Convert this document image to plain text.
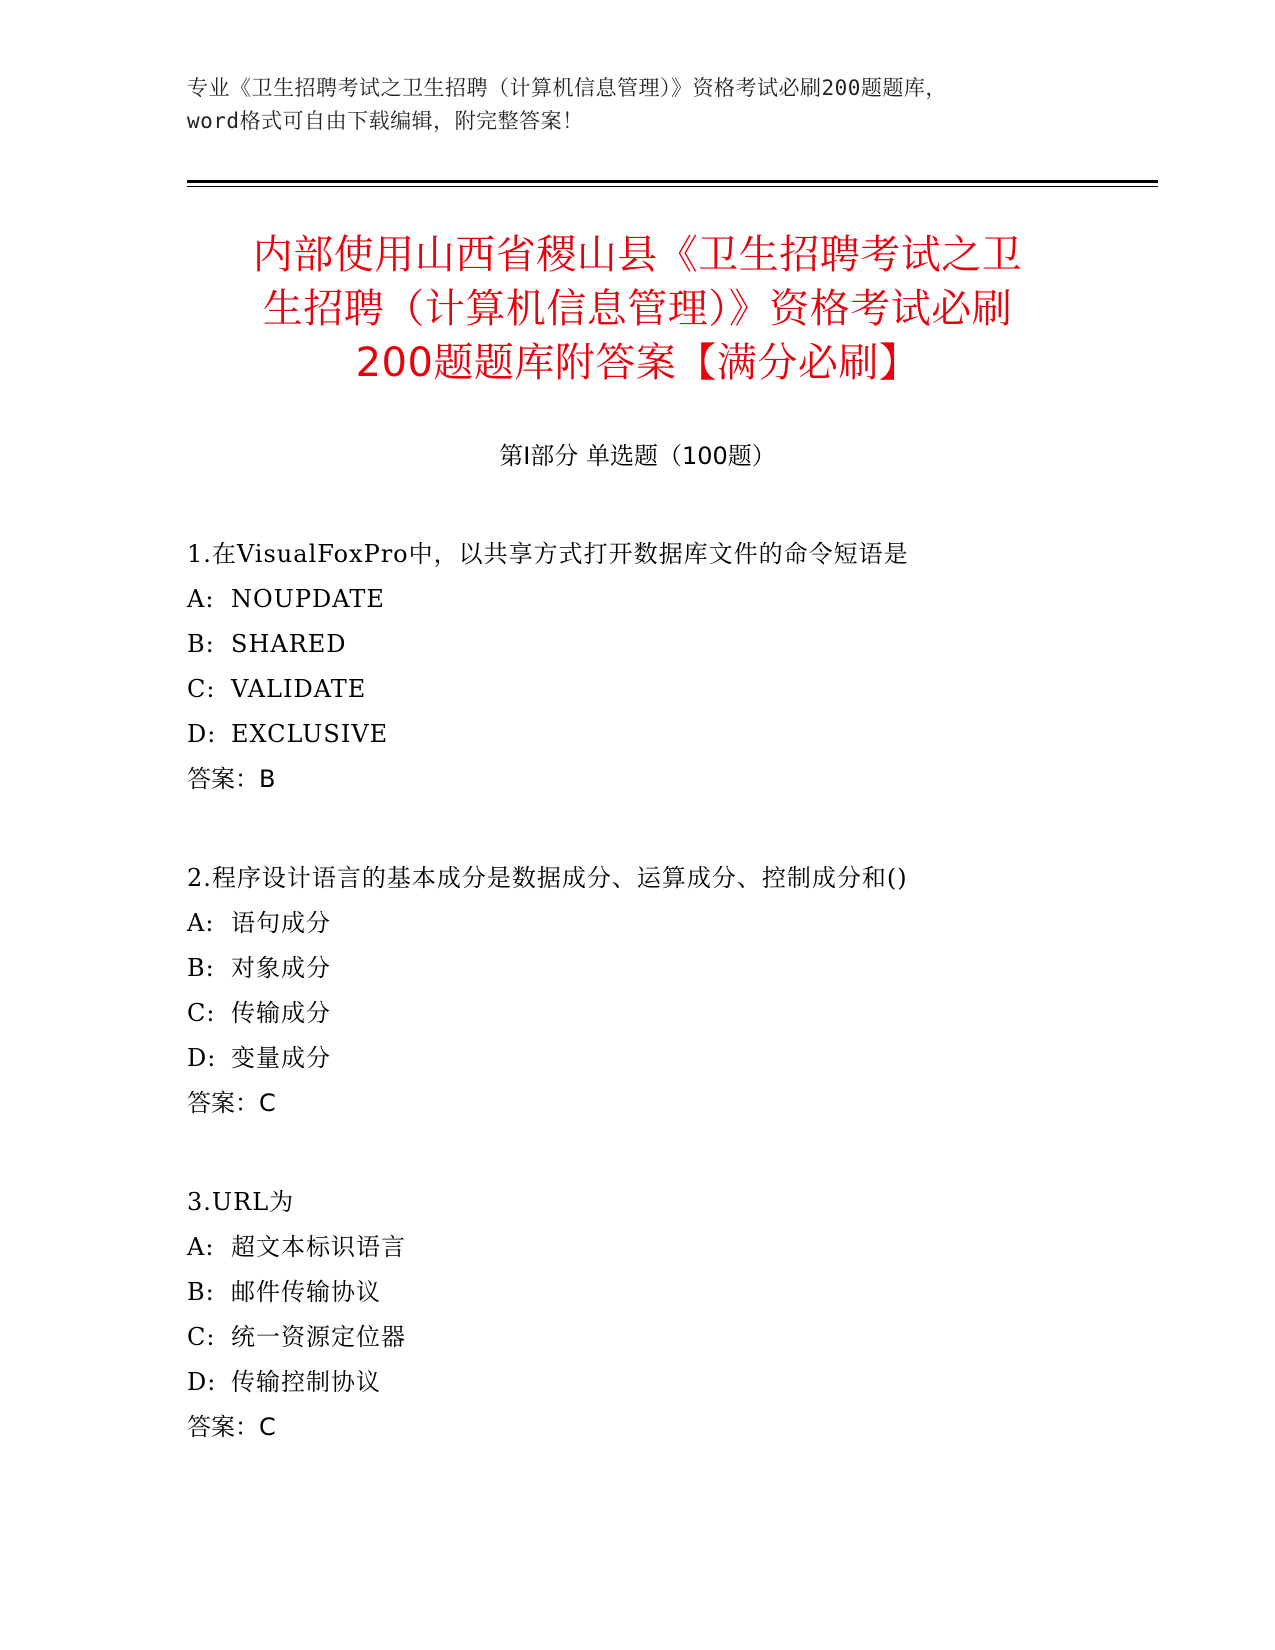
专业《卫生招聘考试之卫生招聘（计算机信息管理）》资格考试必刷200题题库，
word格式可自由下载编辑，附完整答案！
内部使用山西省稷山县《卫生招聘考试之卫
生招聘（计算机信息管理）》资格考试必刷
200题题库附答案【满分必刷】
第Ⅰ部分 单选题（100题）
1.在VisualFoxPro中，以共享方式打开数据库文件的命令短语是
A: NOUPDATE
B: SHARED
C: VALIDATE
D: EXCLUSIVE
答案：B
2.程序设计语言的基本成分是数据成分、运算成分、控制成分和()
A: 语句成分
B: 对象成分
C: 传输成分
D: 变量成分
答案：C
3.URL为
A: 超文本标识语言
B: 邮件传输协议
C: 统一资源定位器
D: 传输控制协议
答案：C
